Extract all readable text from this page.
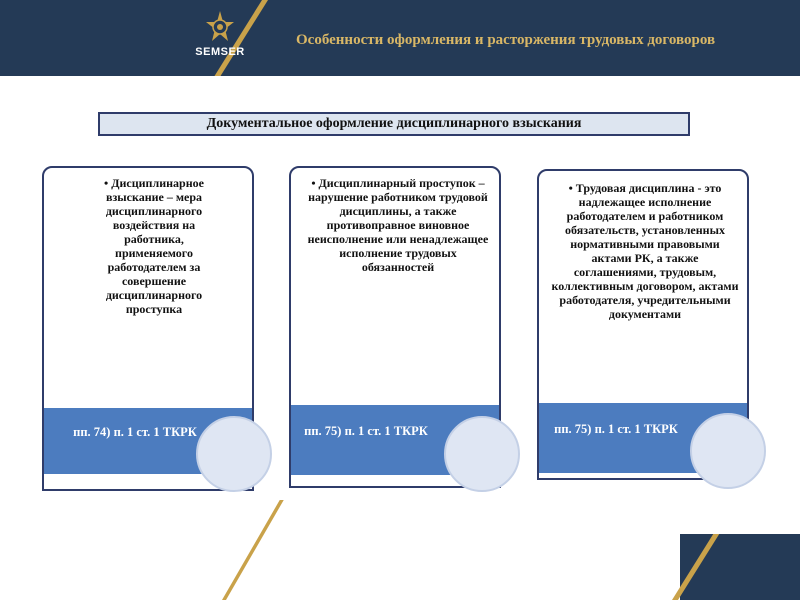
SEMSER
Особенности оформления и расторжения трудовых договоров
Документальное оформление дисциплинарного взыскания
• Дисциплинарное взыскание – мера дисциплинарного воздействия на работника, применяемого работодателем за совершение дисциплинарного проступка
пп. 74) п. 1 ст. 1 ТКРК
• Дисциплинарный проступок – нарушение работником трудовой дисциплины, а также противоправное виновное неисполнение или ненадлежащее исполнение трудовых обязанностей
пп. 75) п. 1 ст. 1 ТКРК
• Трудовая дисциплина - это надлежащее исполнение работодателем и работником обязательств, установленных нормативными правовыми актами РК, а также соглашениями, трудовым, коллективным договором, актами работодателя, учредительными документами
пп. 75) п. 1 ст. 1 ТКРК
